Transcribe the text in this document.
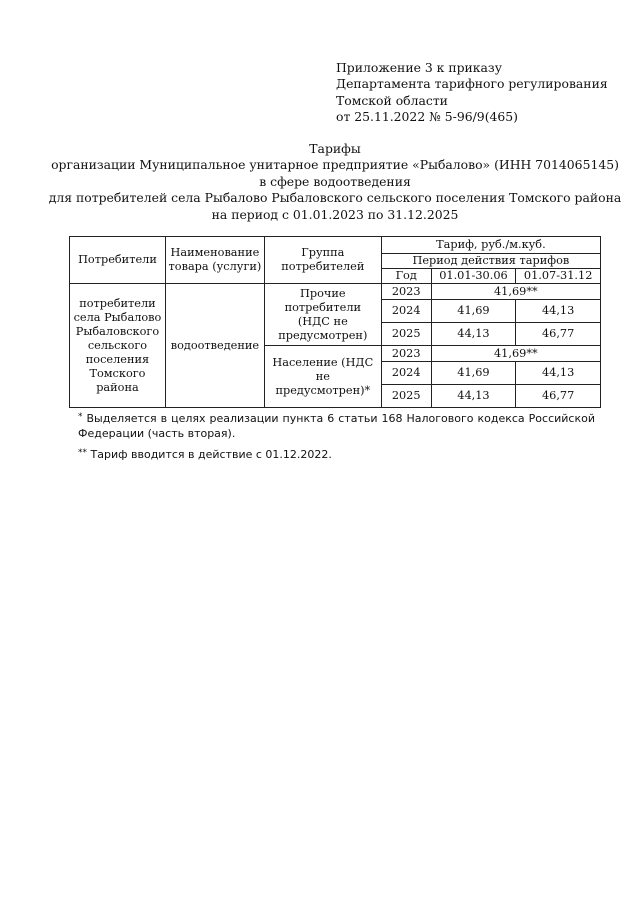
Приложение 3 к приказу
Департамента тарифного регулирования
Томской области
от 25.11.2022 № 5-96/9(465)
Тарифы
организации Муниципальное унитарное предприятие «Рыбалово» (ИНН 7014065145)
в сфере водоотведения
для потребителей села Рыбалово Рыбаловского сельского поселения Томского района
на период с 01.01.2023 по 31.12.2025
Потребители	Наименование товара (услуги)	Группа потребителей	Тариф, руб./м.куб.		
			Период действия тарифов		
			Год	01.01-30.06	01.07-31.12
потребители села Рыбалово Рыбаловского сельского поселения Томского района	водоотведение	Прочие потребители (НДС не предусмотрен)	2023	41,69**	
			2024	41,69	44,13
			2025	44,13	46,77
		Население (НДС не предусмотрен)*	2023	41,69**	
			2024	41,69	44,13
			2025	44,13	46,77
* Выделяется в целях реализации пункта 6 статьи 168 Налогового кодекса Российской Федерации (часть вторая).
** Тариф вводится в действие с 01.12.2022.
